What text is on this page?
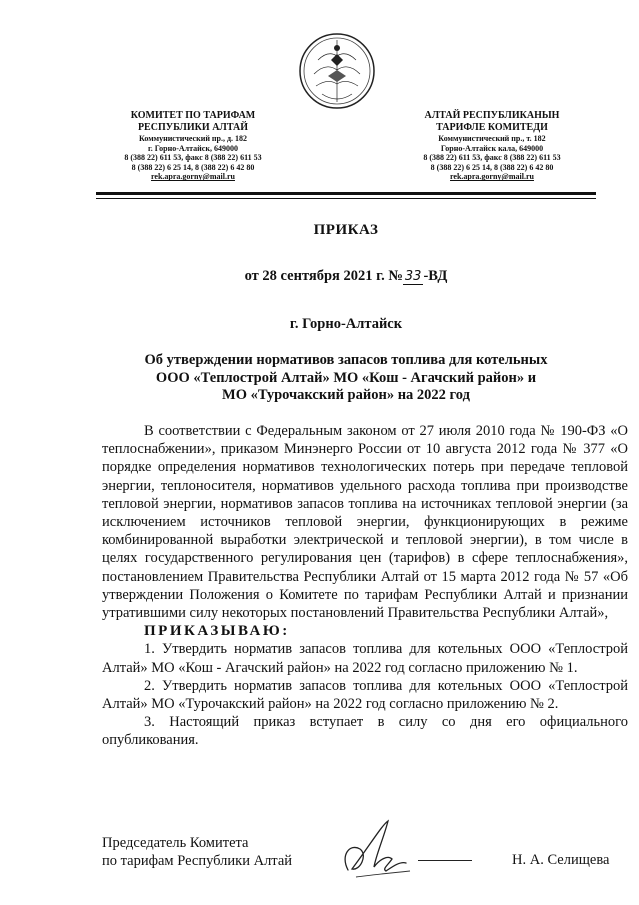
КОМИТЕТ ПО ТАРИФАМ
РЕСПУБЛИКИ АЛТАЙ
Коммунистический пр., д. 182
г. Горно-Алтайск, 649000
8 (388 22) 611 53, факс 8 (388 22) 611 53
8 (388 22) 6 25 14, 8 (388 22) 6 42 80
rek.apra.gorny@mail.ru
АЛТАЙ РЕСПУБЛИКАНЫН
ТАРИФЛЕ КОМИТЕДИ
Коммунистический пр., т. 182
Горно-Алтайск кала, 649000
8 (388 22) 611 53, факс 8 (388 22) 611 53
8 (388 22) 6 25 14, 8 (388 22) 6 42 80
rek.apra.gorny@mail.ru
ПРИКАЗ
от 28 сентября 2021 г. № 33 -ВД
г. Горно-Алтайск
Об утверждении нормативов запасов топлива для котельных
ООО «Теплострой Алтай» МО «Кош - Агачский район» и
МО «Турочакский район» на 2022 год

В соответствии с Федеральным законом от 27 июля 2010 года № 190-ФЗ «О теплоснабжении», приказом Минэнерго России от 10 августа 2012 года № 377 «О порядке определения нормативов технологических потерь при передаче тепловой энергии, теплоносителя, нормативов удельного расхода топлива при производстве тепловой энергии, нормативов запасов топлива на источниках тепловой энергии (за исключением источников тепловой энергии, функционирующих в режиме комбинированной выработки электрической и тепловой энергии), в том числе в целях государственного регулирования цен (тарифов) в сфере теплоснабжения», постановлением Правительства Республики Алтай от 15 марта 2012 года № 57 «Об утверждении Положения о Комитете по тарифам Республики Алтай и признании утратившими силу некоторых постановлений Правительства Республики Алтай»,

ПРИКАЗЫВАЮ:

1. Утвердить норматив запасов топлива для котельных ООО «Теплострой Алтай» МО «Кош - Агачский район» на 2022 год согласно приложению № 1.

2. Утвердить норматив запасов топлива для котельных ООО «Теплострой Алтай» МО «Турочакский район» на 2022 год согласно приложению № 2.

3. Настоящий приказ вступает в силу со дня его официального опубликования.

Председатель Комитета
по тарифам Республики Алтай	Н. А. Селищева
